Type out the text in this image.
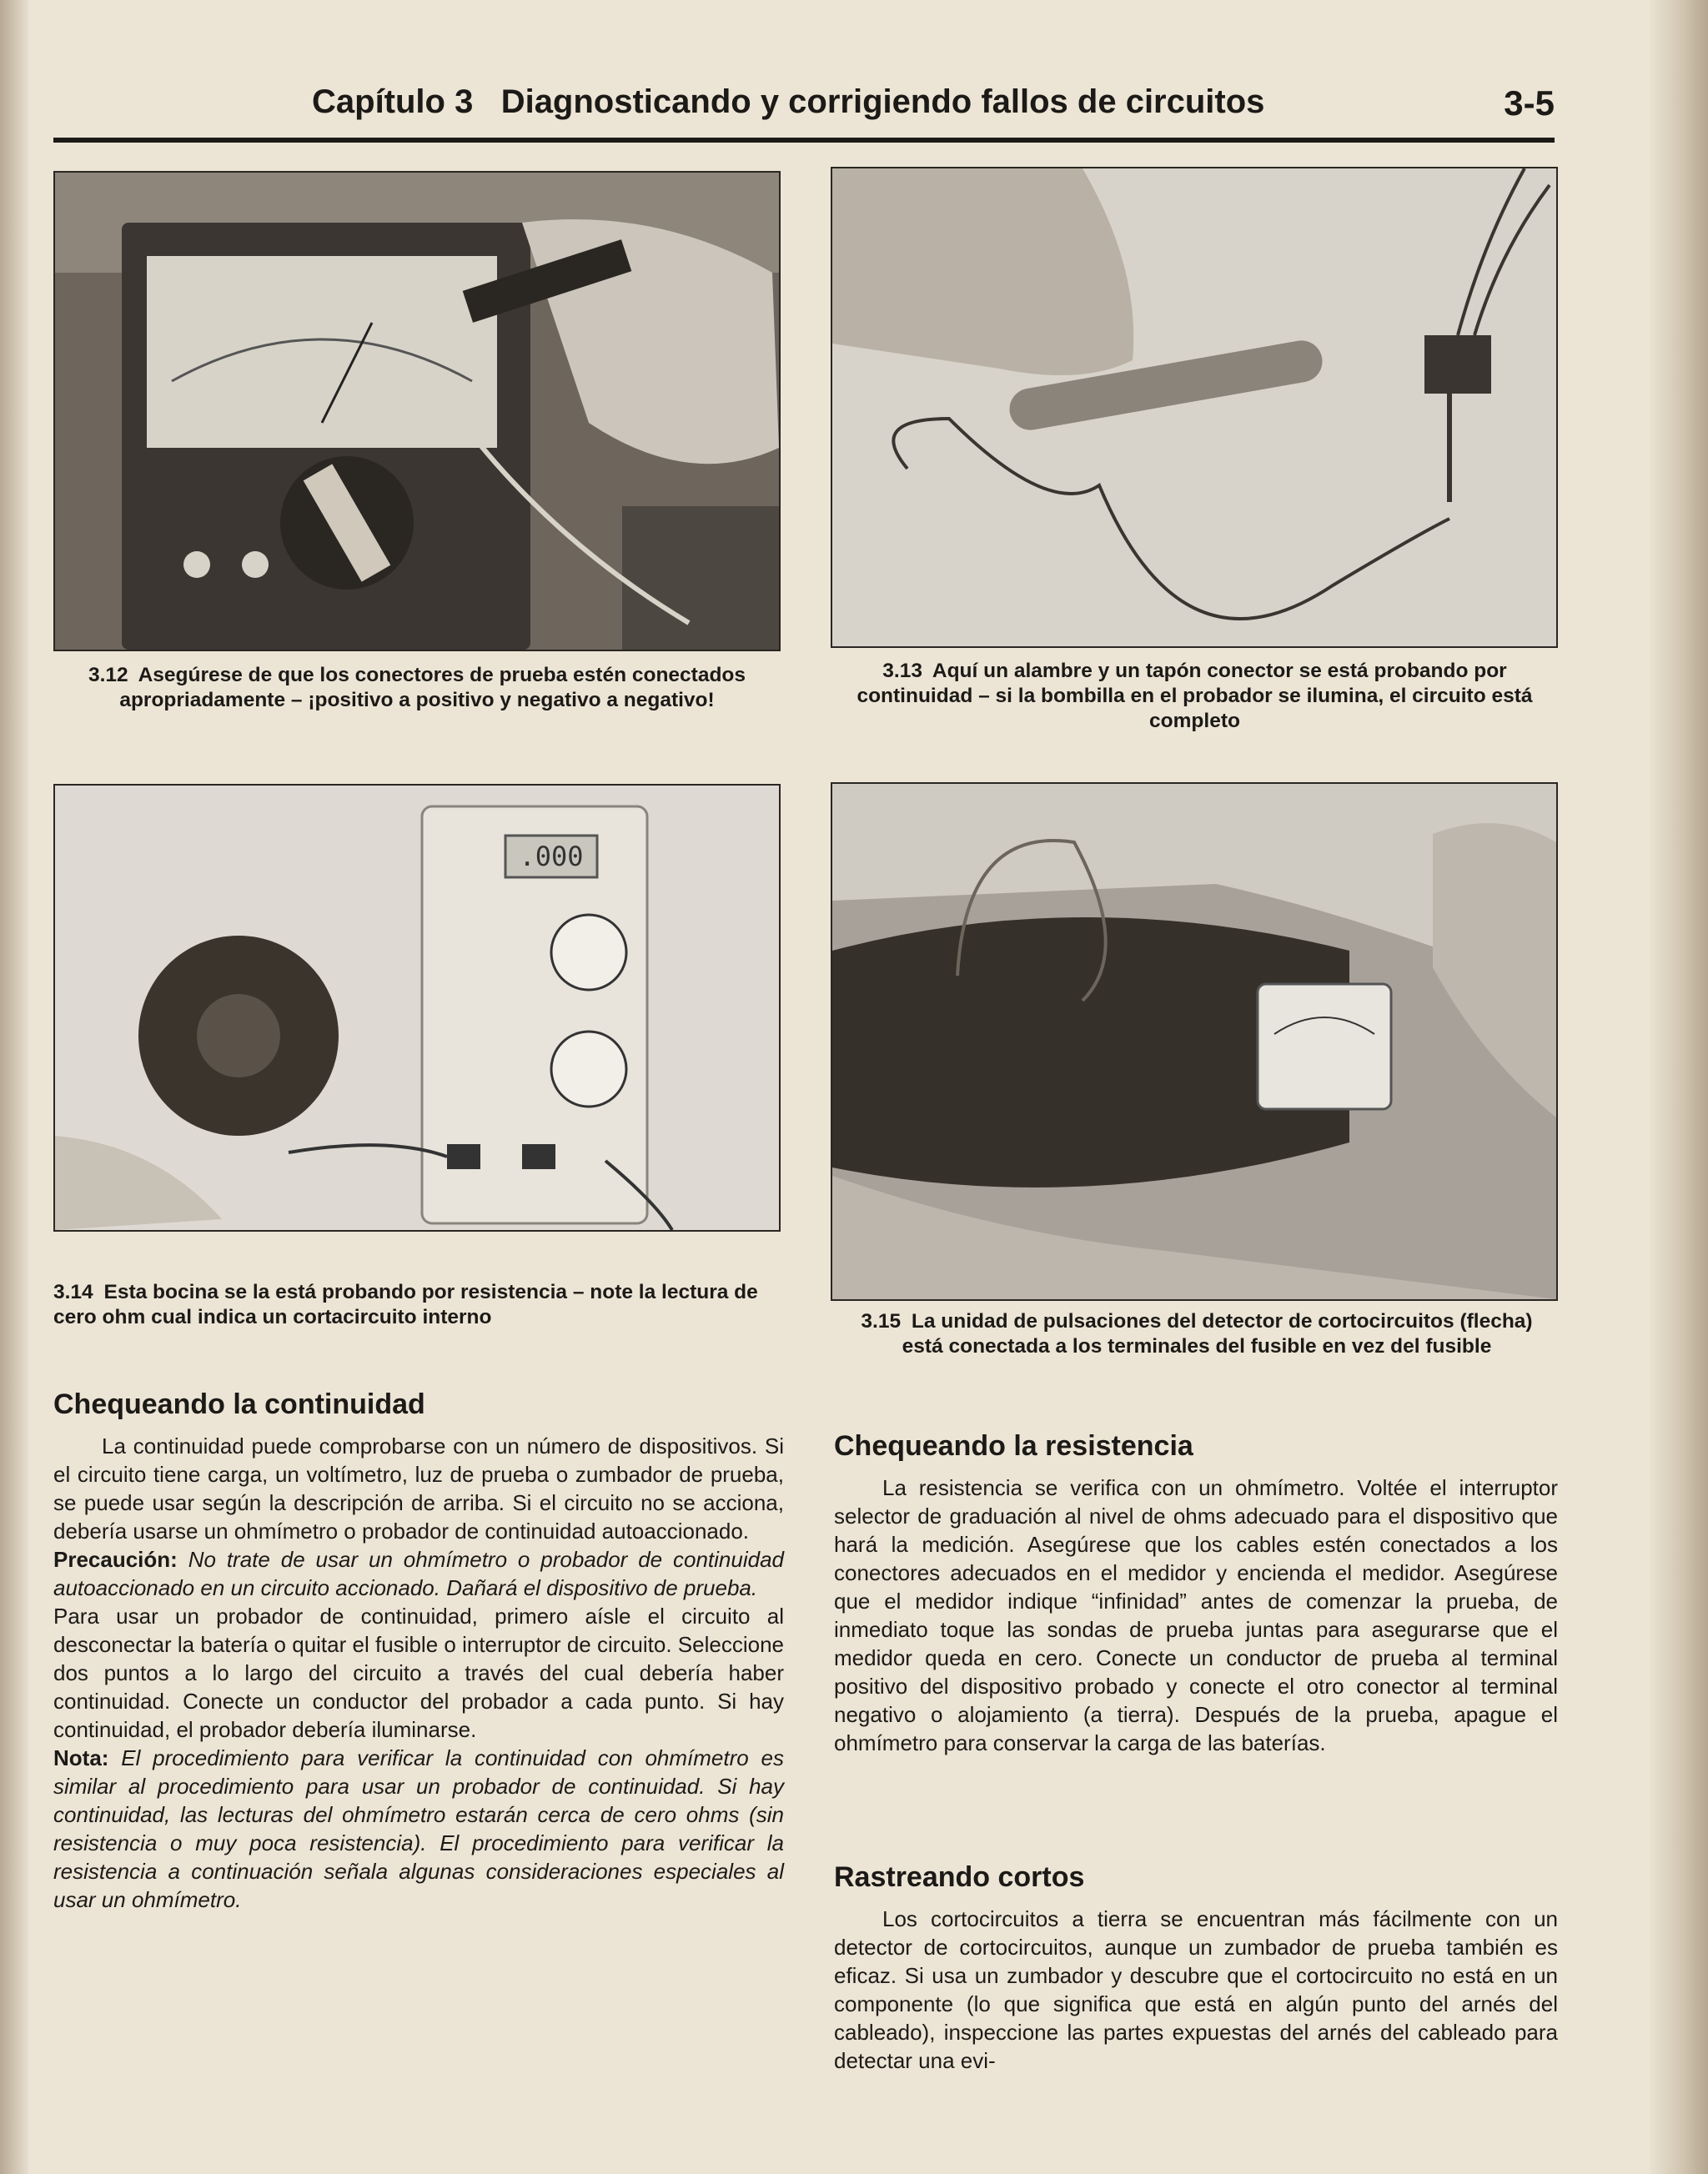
Capítulo 3 Diagnosticando y corrigiendo fallos de circuitos	3-5
3.12 Asegúrese de que los conectores de prueba estén conectados apropriadamente – ¡positivo a positivo y negativo a negativo!
3.13 Aquí un alambre y un tapón conector se está probando por continuidad – si la bombilla en el probador se ilumina, el circuito está completo
.000
3.14 Esta bocina se la está probando por resistencia – note la lectura de cero ohm cual indica un cortacircuito interno	3.15 La unidad de pulsaciones del detector de cortocircuitos (flecha) está conectada a los terminales del fusible en vez del fusible
Chequeando la continuidad

La continuidad puede comprobarse con un número de dispositivos. Si el circuito tiene carga, un voltímetro, luz de prueba o zumbador de prueba, se puede usar según la descripción de arriba. Si el circuito no se acciona, debería usarse un ohmímetro o probador de continuidad autoaccionado.

Precaución: No trate de usar un ohmímetro o probador de continuidad autoaccionado en un circuito accionado. Dañará el dispositivo de prueba.

Para usar un probador de continuidad, primero aísle el circuito al desconectar la batería o quitar el fusible o interruptor de circuito. Seleccione dos puntos a lo largo del circuito a través del cual debería haber continuidad. Conecte un conductor del probador a cada punto. Si hay continuidad, el probador debería iluminarse.

Nota: El procedimiento para verificar la continuidad con ohmímetro es similar al procedimiento para usar un probador de continuidad. Si hay continuidad, las lecturas del ohmímetro estarán cerca de cero ohms (sin resistencia o muy poca resistencia). El procedimiento para verificar la resistencia a continuación señala algunas consideraciones especiales al usar un ohmímetro.

Chequeando la resistencia

La resistencia se verifica con un ohmímetro. Voltée el interruptor selector de graduación al nivel de ohms adecuado para el dispositivo que hará la medición. Asegúrese que los cables estén conectados a los conectores adecuados en el medidor y encienda el medidor. Asegúrese que el medidor indique “infinidad” antes de comenzar la prueba, de inmediato toque las sondas de prueba juntas para asegurarse que el medidor queda en cero. Conecte un conductor de prueba al terminal positivo del dispositivo probado y conecte el otro conector al terminal negativo o alojamiento (a tierra). Después de la prueba, apague el ohmímetro para conservar la carga de las baterías.

Rastreando cortos

Los cortocircuitos a tierra se encuentran más fácilmente con un detector de cortocircuitos, aunque un zumbador de prueba también es eficaz. Si usa un zumbador y descubre que el cortocircuito no está en un componente (lo que significa que está en algún punto del arnés del cableado), inspeccione las partes expuestas del arnés del cableado para detectar una evi-
